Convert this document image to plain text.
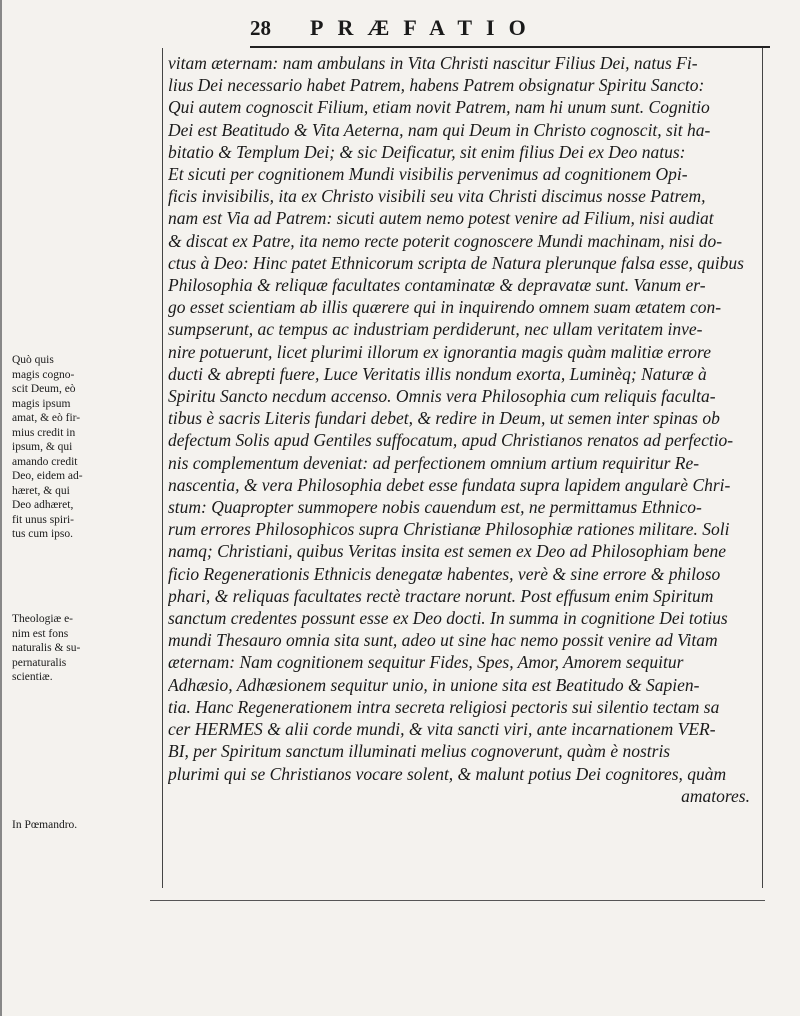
28 PRÆFATIO
Quò quis
magis cogno-
scit Deum, eò
magis ipsum
amat, & eò fir-
mius credit in
ipsum, & qui
amando credit
Deo, eidem ad-
hæret, & qui
Deo adhæret,
fit unus spiri-
tus cum ipso.
Theologiæ e-
nim est fons
naturalis & su-
pernaturalis
scientiæ.
In Pœmandro.
vitam æternam: nam ambulans in Vita Christi nascitur Filius Dei, natus Fi-
lius Dei necessario habet Patrem, habens Patrem obsignatur Spiritu Sancto:
Qui autem cognoscit Filium, etiam novit Patrem, nam hi unum sunt. Cognitio
Dei est Beatitudo & Vita Aeterna, nam qui Deum in Christo cognoscit, sit ha-
bitatio & Templum Dei; & sic Deificatur, sit enim filius Dei ex Deo natus:
Et sicuti per cognitionem Mundi visibilis pervenimus ad cognitionem Opi-
ficis invisibilis, ita ex Christo visibili seu vita Christi discimus nosse Patrem,
nam est Via ad Patrem: sicuti autem nemo potest venire ad Filium, nisi audiat
& discat ex Patre, ita nemo recte poterit cognoscere Mundi machinam, nisi do-
ctus à Deo: Hinc patet Ethnicorum scripta de Natura plerunque falsa esse, quibus
Philosophia & reliquæ facultates contaminatæ & depravatæ sunt. Vanum er-
go esset scientiam ab illis quærere qui in inquirendo omnem suam ætatem con-
sumpserunt, ac tempus ac industriam perdiderunt, nec ullam veritatem inve-
nire potuerunt, licet plurimi illorum ex ignorantia magis quàm malitiæ errore
ducti & abrepti fuere, Luce Veritatis illis nondum exorta, Luminèq; Naturæ à
Spiritu Sancto necdum accenso. Omnis vera Philosophia cum reliquis faculta-
tibus è sacris Literis fundari debet, & redire in Deum, ut semen inter spinas ob
defectum Solis apud Gentiles suffocatum, apud Christianos renatos ad perfectio-
nis complementum deveniat: ad perfectionem omnium artium requiritur Re-
nascentia, & vera Philosophia debet esse fundata supra lapidem angularè Chri-
stum: Quapropter summopere nobis cauendum est, ne permittamus Ethnico-
rum errores Philosophicos supra Christianæ Philosophiæ rationes militare. Soli
namq; Christiani, quibus Veritas insita est semen ex Deo ad Philosophiam bene
ficio Regenerationis Ethnicis denegatæ habentes, verè & sine errore & philoso
phari, & reliquas facultates rectè tractare norunt. Post effusum enim Spiritum
sanctum credentes possunt esse ex Deo docti. In summa in cognitione Dei totius
mundi Thesauro omnia sita sunt, adeo ut sine hac nemo possit venire ad Vitam
æternam: Nam cognitionem sequitur Fides, Spes, Amor, Amorem sequitur
Adhæsio, Adhæsionem sequitur unio, in unione sita est Beatitudo & Sapien-
tia. Hanc Regenerationem intra secreta religiosi pectoris sui silentio tectam sa
cer HERMES & alii corde mundi, & vita sancti viri, ante incarnationem VER-
BI, per Spiritum sanctum illuminati melius cognoverunt, quàm è nostris
plurimi qui se Christianos vocare solent, & malunt potius Dei cognitores, quàm
amatores.
